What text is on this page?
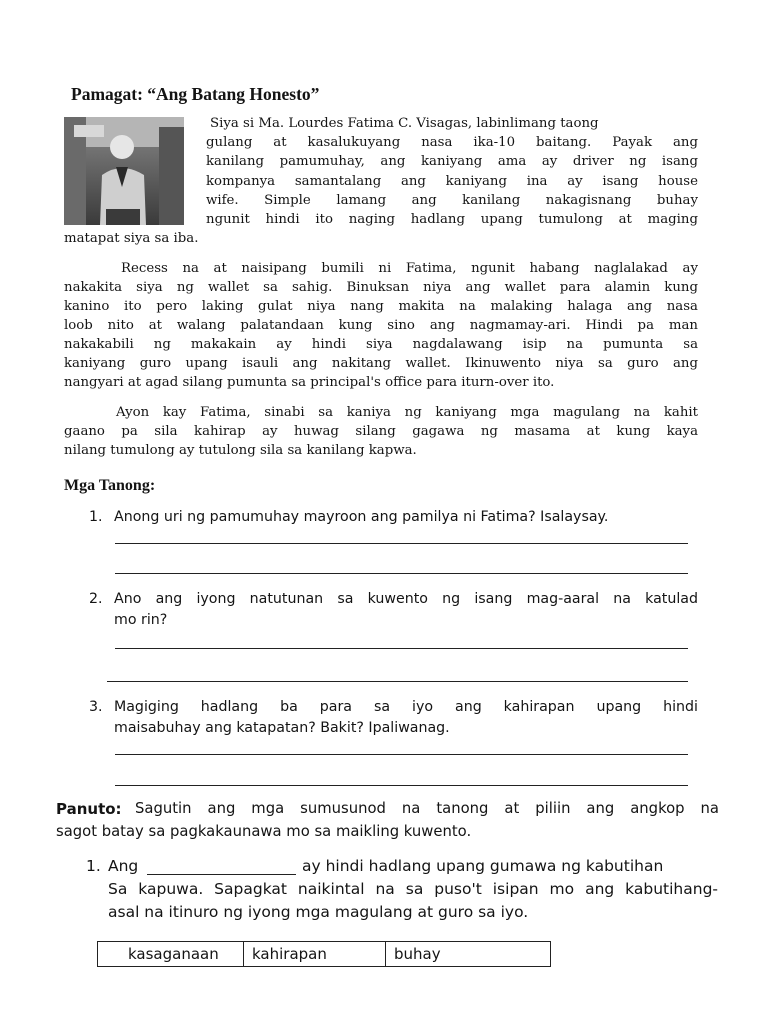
Pamagat: “Ang Batang Honesto”
Siya si Ma. Lourdes Fatima C. Visagas, labinlimang taong
gulang at kasalukuyang nasa ika-10 baitang. Payak ang
kanilang pamumuhay, ang kaniyang ama ay driver ng isang
kompanya samantalang ang kaniyang ina ay isang house
wife. Simple lamang ang kanilang nakagisnang buhay
ngunit hindi ito naging hadlang upang tumulong at maging
matapat siya sa iba.
Recess na at naisipang bumili ni Fatima, ngunit habang naglalakad ay
nakakita siya ng wallet sa sahig. Binuksan niya ang wallet para alamin kung
kanino ito pero laking gulat niya nang makita na malaking halaga ang nasa
loob nito at walang palatandaan kung sino ang nagmamay-ari. Hindi pa man
nakakabili ng makakain ay hindi siya nagdalawang isip na pumunta sa
kaniyang guro upang isauli ang nakitang wallet. Ikinuwento niya sa guro ang
nangyari at agad silang pumunta sa principal's office para iturn-over ito.
Ayon kay Fatima, sinabi sa kaniya ng kaniyang mga magulang na kahit
gaano pa sila kahirap ay huwag silang gagawa ng masama at kung kaya
nilang tumulong ay tutulong sila sa kanilang kapwa.
Mga Tanong:
1. Anong uri ng pamumuhay mayroon ang pamilya ni Fatima? Isalaysay.
2. Ano ang iyong natutunan sa kuwento ng isang mag-aaral na katulad
mo rin?
3. Magiging hadlang ba para sa iyo ang kahirapan upang hindi
maisabuhay ang katapatan? Bakit? Ipaliwanag.
Panuto: Sagutin ang mga sumusunod na tanong at piliin ang angkop na
sagot batay sa pagkakaunawa mo sa maikling kuwento.
1. Ang	ay hindi hadlang upang gumawa ng kabutihan
Sa kapuwa. Sapagkat naikintal na sa puso't isipan mo ang kabutihang-
asal na itinuro ng iyong mga magulang at guro sa iyo.
kasaganaan	kahirapan	buhay
